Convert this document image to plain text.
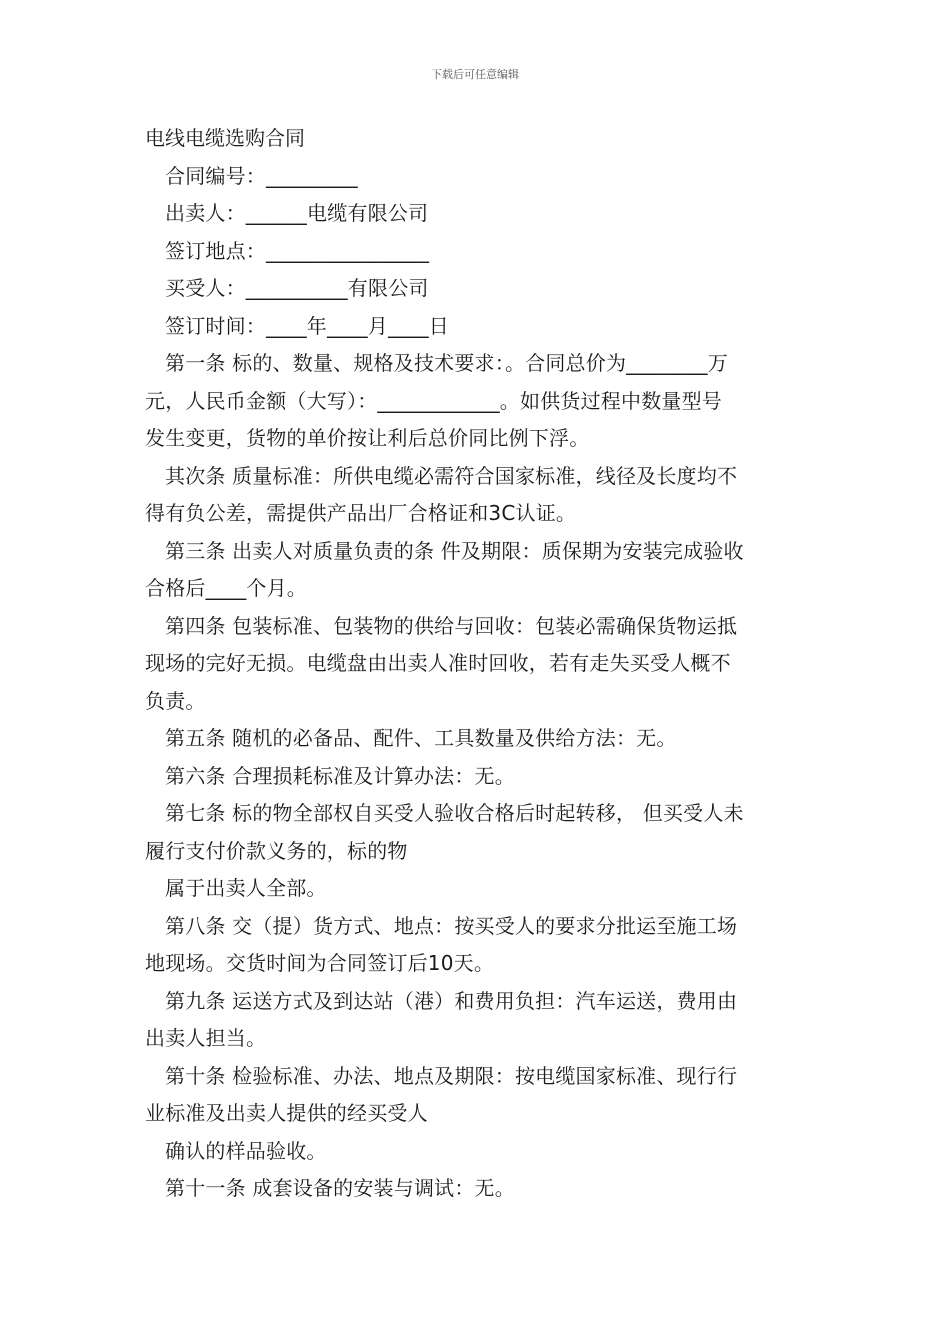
下载后可任意编辑
电线电缆选购合同
合同编号：_________
出卖人：______电缆有限公司
签订地点：________________
买受人：__________有限公司
签订时间：____年____月____日
第一条 标的、数量、规格及技术要求：。合同总价为________万
元，人民币金额（大写）：____________。如供货过程中数量型号
发生变更，货物的单价按让利后总价同比例下浮。
其次条 质量标准：所供电缆必需符合国家标准，线径及长度均不
得有负公差，需提供产品出厂合格证和3C认证。
第三条 出卖人对质量负责的条 件及期限：质保期为安装完成验收
合格后____个月。
第四条 包装标准、包装物的供给与回收：包装必需确保货物运抵
现场的完好无损。电缆盘由出卖人准时回收，若有走失买受人概不
负责。
第五条 随机的必备品、配件、工具数量及供给方法：无。
第六条 合理损耗标准及计算办法：无。
第七条 标的物全部权自买受人验收合格后时起转移， 但买受人未
履行支付价款义务的，标的物
属于出卖人全部。
第八条 交（提）货方式、地点：按买受人的要求分批运至施工场
地现场。交货时间为合同签订后10天。
第九条 运送方式及到达站（港）和费用负担：汽车运送，费用由
出卖人担当。
第十条 检验标准、办法、地点及期限：按电缆国家标准、现行行
业标准及出卖人提供的经买受人
确认的样品验收。
第十一条 成套设备的安装与调试：无。
